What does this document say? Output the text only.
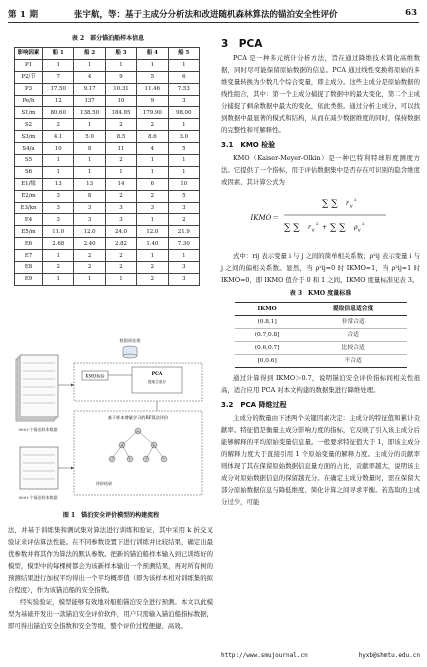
第 1 期	张宇航，等：基于主成分分析法和改进随机森林算法的锚泊安全性评价	63
表 2　部分锚泊船样本信息
影响因素	船 1	船 2	船 3	船 4	船 5
P1	1	1	1	1	1
P2/节	7	4	9	5	6
P3	17.50	9.17	10.31	11.46	7.53
Pe/h	12	137	10	9	3
S1/m	80.60	138.50	184.95	179.90	98.00
S2	2	1	2	2	1
S3/m	4.1	5.0	8.5	8.6	3.0
S4/a	10	8	11	4	5
S5	1	1	2	1	1
S6	1	1	1	1	1
E1/级	13	13	14	6	10
E2/m	3	8	2	2	5
E3/kn	3	3	3	3	3
E4	3	3	3	1	2
E5/m	11.0	12.0	24.0	12.0	21.9
E6	2.68	2.40	2.82	1.40	7.30
E7	1	2	2	1	1
E8	2	2	2	2	3
E9	1	1	1	2	3
500+个锚泊样本数据
500+个锚泊样本数据
数据预处理
KMO检验	PCA
提取主成分
基于样本增量学习的RF算法评价
评价结果
图 1　锚泊安全评价模型的构建流程

法，并基于训练集和测试集对算法进行训练和验证，其中采用 k 折交叉验证来评估算法性能。在不同参数设置下进行训练并比较结果，确定出最优参数并将其作为算法的默认参数。把新的锚泊船样本输入到已训练好的模型，模型中的每棵树都会为该新样本输出一个预测结果，再对所有树的预测结果进行加权平均得出一个平均概率值（即为该样本相对训练集的拟合程度），作为该锚泊船的安全指数。

经实验验证，模型能够有效地对船舶锚泊安全进行预测。本文以此模型为基础开发出一款锚泊安全评价软件，用户只需输入锚泊船指标数据，即可得出锚泊安全指数和安全等级，整个评价过程便捷、高效。

3　PCA

PCA 是一种多元统计分析方法，旨在通过降维技术简化高维数据，同时尽可能保留原始数据的信息。PCA 通过线性变换将原始的多维变量转换为少数几个综合变量，即主成分。这些主成分是原始数据的线性组合，其中：第一个主成分捕捉了数据中的最大变化，第二个主成分捕捉了剩余数据中最大的变化，依此类推。通过分析主成分，可以找到数据中最显著的模式和结构，从而在减少数据维度的同时，保持数据的完整性和可解释性。

3.1　KMO 检验

KMO（Kaiser-Meyer-Olkin）是一种巴特利特球形度测度方法。它提供了一个指标，用于评估数据集中是否存在可识别的隐含维度或因素，其计算公式为

IKMO＝
∑ ∑ r ij
2
∑ ∑ r ij
2
+ ∑ ∑ ρ ij
2

式中：rij 表示变量 i 与 j 之间的简单相关系数；ρ²ij 表示变量 i 与 j 之间的偏相关系数。显然，当 ρ²ij≈0 时 IKMO≈1，当 ρ²ij≈1 时 IKMO≈0，即 IKMO 值介于 0 和 1 之间。IKMO 度量标准见表 3。

表 3　KMO 度量标准
IKMO	提取信息适合度
(0.8,1]	非常合适
(0.7,0.8]	合适
(0.6,0.7]	比较合适
[0,0.6]	不合适

通过计算得到 IKMO＞0.7，说明锚泊安全评价指标间相关性很高，适合应用 PCA 对本文构建的数据集进行降维处理。

3.2　PCA 降维过程

主成分的数量由下述两个关键因素决定：主成分的特征值和累计贡献率。特征值是衡量主成分影响力度的指标，它反映了引入该主成分后能够解释的平均原始变量信息量。一般要求特征值大于 1，即该主成分的解释力度大于直接引用 1 个原始变量的解释力度。主成分的贡献率则体现了其在保留原始数据信息量方面的占比，贡献率越大，说明该主成分对原始数据信息的保留越充分。在确定主成分数量时，需在保留大部分原始数据信息与降低维度、简化计算之间寻求平衡。若选取的主成分过少，可能

http://www.smujournal.cn	hyxb@shmtu.edu.cn
